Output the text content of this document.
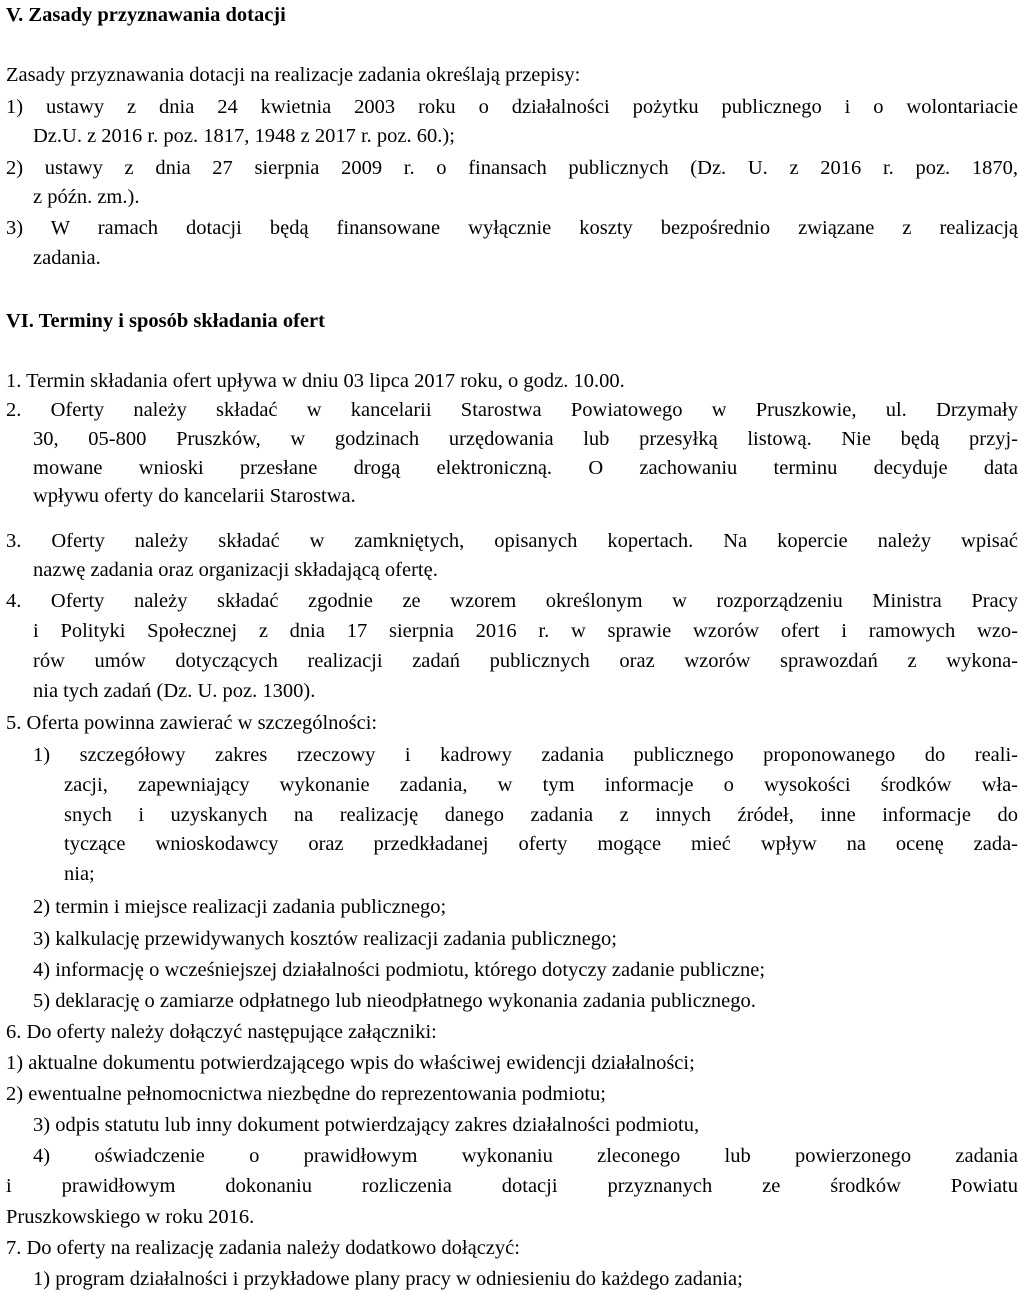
V. Zasady przyznawania dotacji
Zasady przyznawania dotacji na realizacje zadania określają przepisy:
1) ustawy z dnia 24 kwietnia 2003 roku o działalności pożytku publicznego i o wolontariacie
Dz.U. z 2016 r. poz. 1817, 1948 z 2017 r. poz. 60.);
2) ustawy z dnia 27 sierpnia 2009 r. o finansach publicznych (Dz. U. z 2016 r. poz. 1870,
z późn. zm.).
3) W ramach dotacji będą finansowane wyłącznie koszty bezpośrednio związane z realizacją
zadania.
VI. Terminy i sposób składania ofert
1. Termin składania ofert upływa w dniu 03 lipca 2017 roku, o godz. 10.00.
2. Oferty należy składać w kancelarii Starostwa Powiatowego w Pruszkowie, ul. Drzymały
30, 05-800 Pruszków, w godzinach urzędowania lub przesyłką listową. Nie będą przyj-
mowane wnioski przesłane drogą elektroniczną. O zachowaniu terminu decyduje data
wpływu oferty do kancelarii Starostwa.
3. Oferty należy składać w zamkniętych, opisanych kopertach. Na kopercie należy wpisać
nazwę zadania oraz organizacji składającą ofertę.
4. Oferty należy składać zgodnie ze wzorem określonym w rozporządzeniu Ministra Pracy
i Polityki Społecznej z dnia 17 sierpnia 2016 r. w sprawie wzorów ofert i ramowych wzo-
rów umów dotyczących realizacji zadań publicznych oraz wzorów sprawozdań z wykona-
nia tych zadań (Dz. U. poz. 1300).
5. Oferta powinna zawierać w szczególności:
1) szczegółowy zakres rzeczowy i kadrowy zadania publicznego proponowanego do reali-
zacji, zapewniający wykonanie zadania, w tym informacje o wysokości środków wła-
snych i uzyskanych na realizację danego zadania z innych źródeł, inne informacje do
tyczące wnioskodawcy oraz przedkładanej oferty mogące mieć wpływ na ocenę zada-
nia;
2) termin i miejsce realizacji zadania publicznego;
3) kalkulację przewidywanych kosztów realizacji zadania publicznego;
4) informację o wcześniejszej działalności podmiotu, którego dotyczy zadanie publiczne;
5) deklarację o zamiarze odpłatnego lub nieodpłatnego wykonania zadania publicznego.
6. Do oferty należy dołączyć następujące załączniki:
1) aktualne dokumentu potwierdzającego wpis do właściwej ewidencji działalności;
2) ewentualne pełnomocnictwa niezbędne do reprezentowania podmiotu;
3) odpis statutu lub inny dokument potwierdzający zakres działalności podmiotu,
4) oświadczenie o prawidłowym wykonaniu zleconego lub powierzonego zadania
i prawidłowym dokonaniu rozliczenia dotacji przyznanych ze środków Powiatu
Pruszkowskiego w roku 2016.
7. Do oferty na realizację zadania należy dodatkowo dołączyć:
1) program działalności i przykładowe plany pracy w odniesieniu do każdego zadania;
